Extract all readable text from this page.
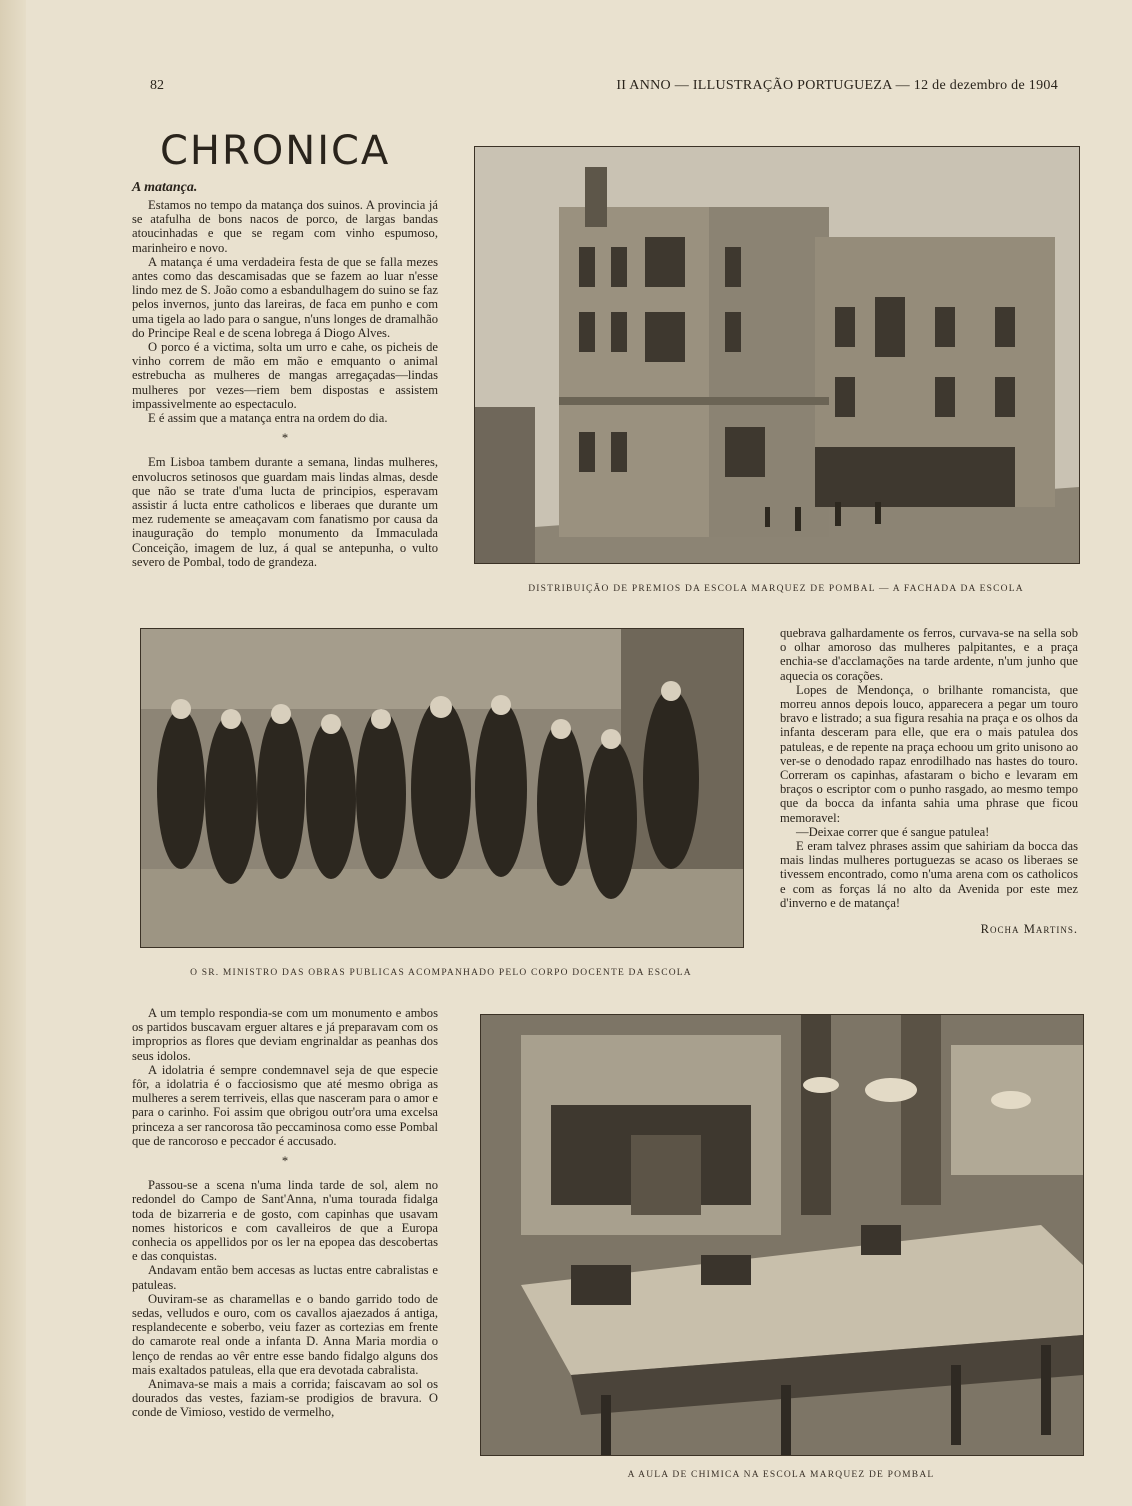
82	II ANNO — ILLUSTRAÇÃO PORTUGUEZA — 12 de dezembro de 1904
CHRONICA
A matança.

Estamos no tempo da matança dos suinos. A provincia já se atafulha de bons nacos de porco, de largas bandas atoucinhadas e que se regam com vinho espumoso, marinheiro e novo.

A matança é uma verdadeira festa de que se falla mezes antes como das descamisadas que se fazem ao luar n'esse lindo mez de S. João como a esbandulhagem do suino se faz pelos invernos, junto das lareiras, de faca em punho e com uma tigela ao lado para o sangue, n'uns longes de dramalhão do Principe Real e de scena lobrega á Diogo Alves.

O porco é a victima, solta um urro e cahe, os picheis de vinho correm de mão em mão e emquanto o animal estrebucha as mulheres de mangas arregaçadas—lindas mulheres por vezes—riem bem dispostas e assistem impassivelmente ao espectaculo.

E é assim que a matança entra na ordem do dia.

*

Em Lisboa tambem durante a semana, lindas mulheres, envolucros setinosos que guardam mais lindas almas, desde que não se trate d'uma lucta de principios, esperavam assistir á lucta entre catholicos e liberaes que durante um mez rudemente se ameaçavam com fanatismo por causa da inauguração do templo monumento da Immaculada Conceição, imagem de luz, á qual se antepunha, o vulto severo de Pombal, todo de grandeza.

DISTRIBUIÇÃO DE PREMIOS DA ESCOLA MARQUEZ DE POMBAL — A FACHADA DA ESCOLA
O SR. MINISTRO DAS OBRAS PUBLICAS ACOMPANHADO PELO CORPO DOCENTE DA ESCOLA

quebrava galhardamente os ferros, curvava-se na sella sob o olhar amoroso das mulheres palpitantes, e a praça enchia-se d'acclamações na tarde ardente, n'um junho que aquecia os corações.

Lopes de Mendonça, o brilhante romancista, que morreu annos depois louco, apparecera a pegar um touro bravo e listrado; a sua figura resahia na praça e os olhos da infanta desceram para elle, que era o mais patulea dos patuleas, e de repente na praça echoou um grito unisono ao ver-se o denodado rapaz enrodilhado nas hastes do touro. Correram os capinhas, afastaram o bicho e levaram em braços o escriptor com o punho rasgado, ao mesmo tempo que da bocca da infanta sahia uma phrase que ficou memoravel:

—Deixae correr que é sangue patulea!

E eram talvez phrases assim que sahiriam da bocca das mais lindas mulheres portuguezas se acaso os liberaes se tivessem encontrado, como n'uma arena com os catholicos e com as forças lá no alto da Avenida por este mez d'inverno e de matança!

Rocha Martins.

A um templo respondia-se com um monumento e ambos os partidos buscavam erguer altares e já preparavam com os improprios as flores que deviam engrinaldar as peanhas dos seus idolos.

A idolatria é sempre condemnavel seja de que especie fôr, a idolatria é o facciosismo que até mesmo obriga as mulheres a serem terriveis, ellas que nasceram para o amor e para o carinho. Foi assim que obrigou outr'ora uma excelsa princeza a ser rancorosa tão peccaminosa como esse Pombal que de rancoroso e peccador é accusado.

*

Passou-se a scena n'uma linda tarde de sol, alem no redondel do Campo de Sant'Anna, n'uma tourada fidalga toda de bizarreria e de gosto, com capinhas que usavam nomes historicos e com cavalleiros de que a Europa conhecia os appellidos por os ler na epopea das descobertas e das conquistas.

Andavam então bem accesas as luctas entre cabralistas e patuleas.

Ouviram-se as charamellas e o bando garrido todo de sedas, velludos e ouro, com os cavallos ajaezados á antiga, resplandecente e soberbo, veiu fazer as cortezias em frente do camarote real onde a infanta D. Anna Maria mordia o lenço de rendas ao vêr entre esse bando fidalgo alguns dos mais exaltados patuleas, ella que era devotada cabralista.

Animava-se mais a mais a corrida; faiscavam ao sol os dourados das vestes, faziam-se prodigios de bravura. O conde de Vimioso, vestido de vermelho,

A AULA DE CHIMICA NA ESCOLA MARQUEZ DE POMBAL
